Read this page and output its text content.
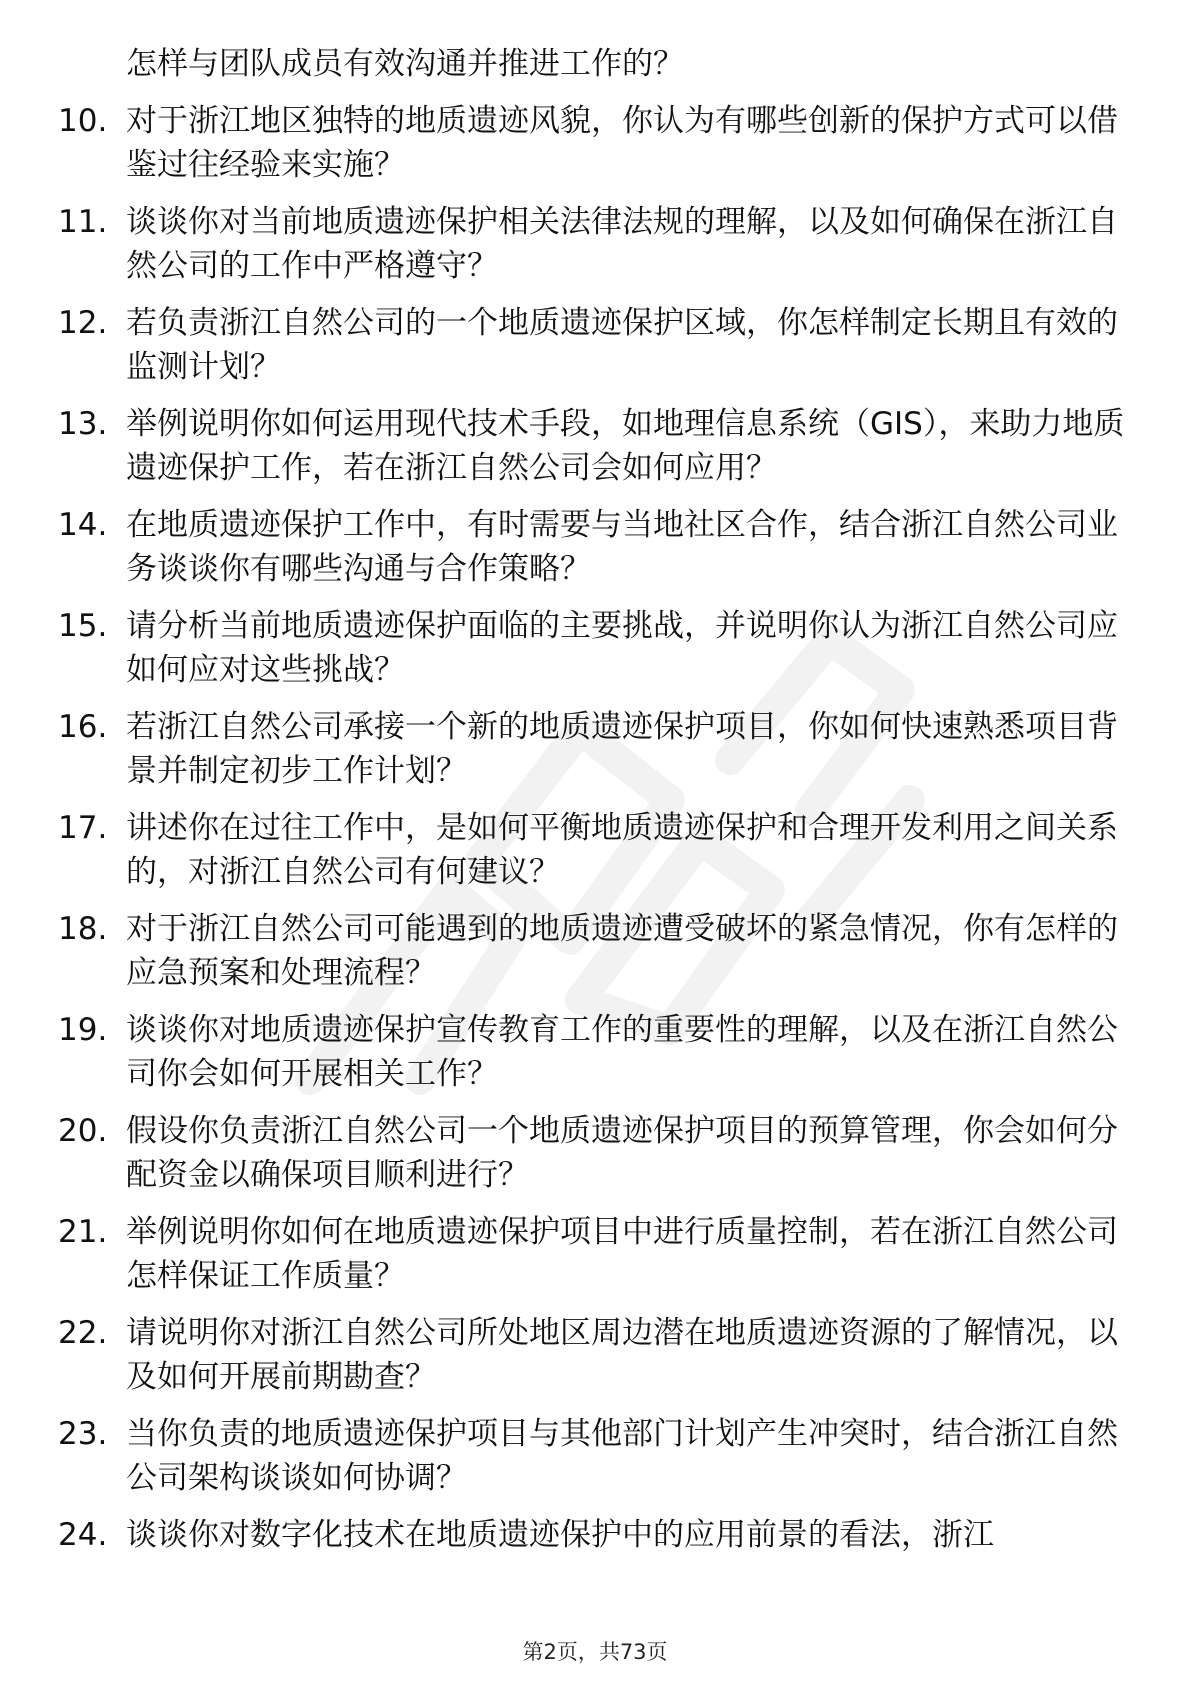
怎样与团队成员有效沟通并推进工作的？
10. 对于浙江地区独特的地质遗迹风貌，你认为有哪些创新的保护方式可以借鉴过往经验来实施？
11. 谈谈你对当前地质遗迹保护相关法律法规的理解，以及如何确保在浙江自然公司的工作中严格遵守？
12. 若负责浙江自然公司的一个地质遗迹保护区域，你怎样制定长期且有效的监测计划？
13. 举例说明你如何运用现代技术手段，如地理信息系统（GIS），来助力地质遗迹保护工作，若在浙江自然公司会如何应用？
14. 在地质遗迹保护工作中，有时需要与当地社区合作，结合浙江自然公司业务谈谈你有哪些沟通与合作策略？
15. 请分析当前地质遗迹保护面临的主要挑战，并说明你认为浙江自然公司应如何应对这些挑战？
16. 若浙江自然公司承接一个新的地质遗迹保护项目，你如何快速熟悉项目背景并制定初步工作计划？
17. 讲述你在过往工作中，是如何平衡地质遗迹保护和合理开发利用之间关系的，对浙江自然公司有何建议？
18. 对于浙江自然公司可能遇到的地质遗迹遭受破坏的紧急情况，你有怎样的应急预案和处理流程？
19. 谈谈你对地质遗迹保护宣传教育工作的重要性的理解，以及在浙江自然公司你会如何开展相关工作？
20. 假设你负责浙江自然公司一个地质遗迹保护项目的预算管理，你会如何分配资金以确保项目顺利进行？
21. 举例说明你如何在地质遗迹保护项目中进行质量控制，若在浙江自然公司怎样保证工作质量？
22. 请说明你对浙江自然公司所处地区周边潜在地质遗迹资源的了解情况，以及如何开展前期勘查？
23. 当你负责的地质遗迹保护项目与其他部门计划产生冲突时，结合浙江自然公司架构谈谈如何协调？
24. 谈谈你对数字化技术在地质遗迹保护中的应用前景的看法，浙江
第2页，共73页
